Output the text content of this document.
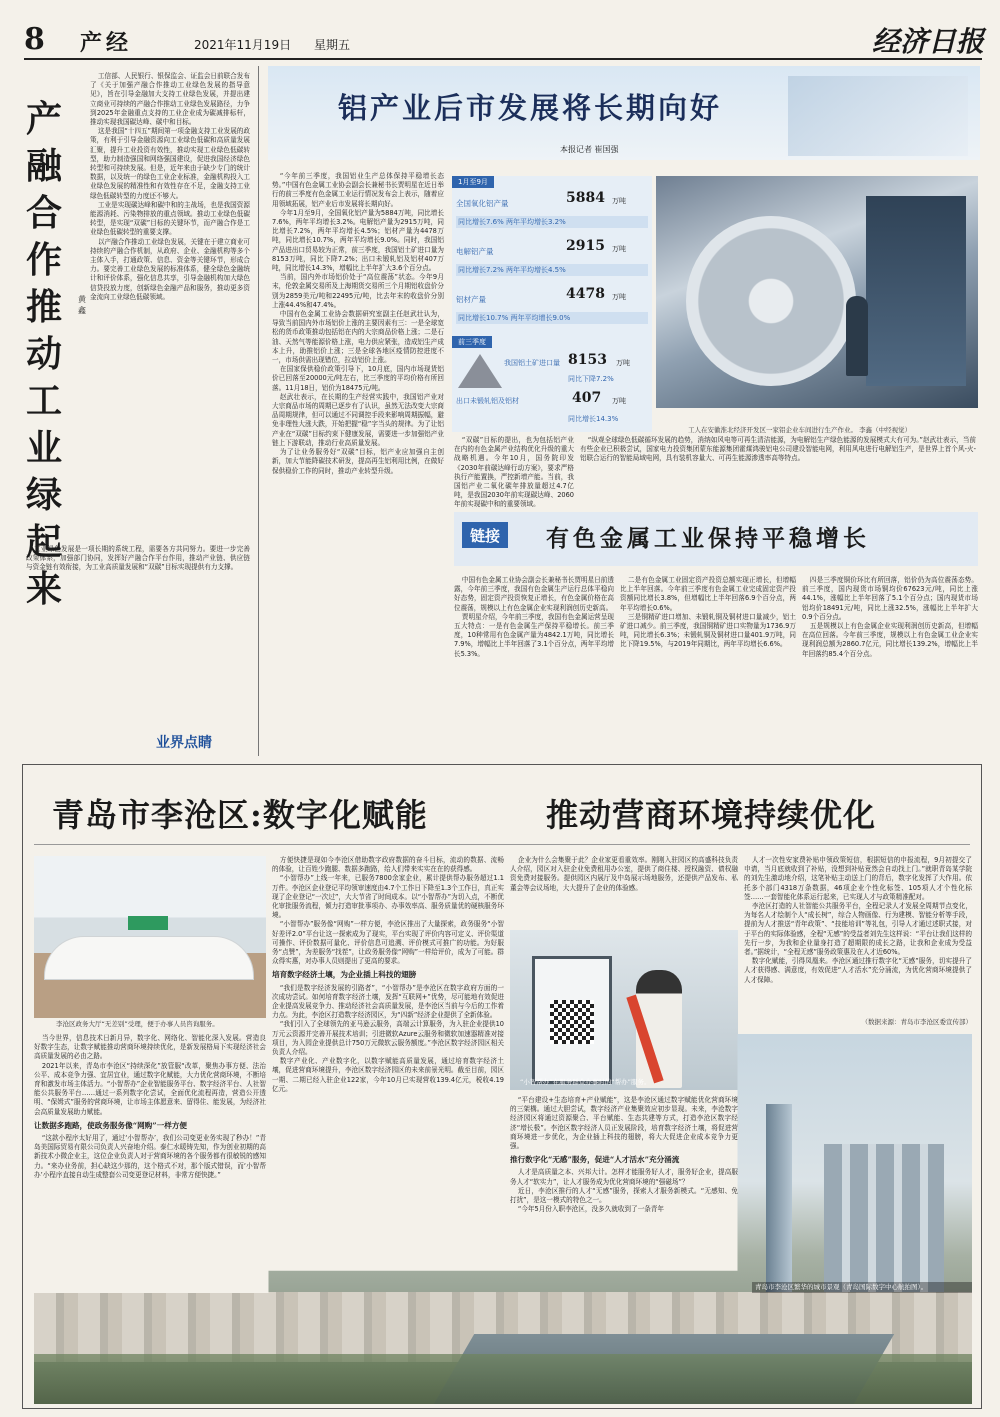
8 产经	2021年11月19日 星期五	经济日报
产融合作推动工业绿起来
黄鑫

工信部、人民银行、银保监会、证监会日前联合发布了《关于加强产融合作推动工业绿色发展的指导意见》，旨在引导金融加大支持工业绿色发展，并提出建立商业可持续的产融合作推动工业绿色发展路径，力争到2025年金融重点支持的工业企业成为碳减排标杆，推动实现我国碳达峰、碳中和目标。

这是我国“十四五”期间第一项金融支持工业发展的政策，有利于引导金融资源向工业绿色低碳和高质量发展汇聚，提升工业投资有效性，推动实现工业绿色低碳转型，助力制造强国和网络强国建设，促进我国经济绿色转型和可持续发展。但是，近年来由于缺少专门的统计数据，以及统一的绿色工业企业标准，金融机构投入工业绿色发展的精准性和有效性存在不足，金融支持工业绿色低碳转型的力度还不够大。

工业是实现碳达峰和碳中和的主战场，也是我国资源能源消耗、污染物排放的重点领域。推动工业绿色低碳转型，是实现“双碳”目标的关键环节，而产融合作是工业绿色低碳转型的重要支撑。

以产融合作推动工业绿色发展，关键在于建立商业可持续的产融合作机制，从政府、企业、金融机构等多个主体入手，打通政策、信息、资金等关键环节，形成合力。要完善工业绿色发展的标准体系，健全绿色金融统计和评价体系，强化信息共享，引导金融机构加大绿色信贷投放力度，创新绿色金融产品和服务，推动更多资金流向工业绿色低碳领域。

工业绿色发展是一项长期的系统工程，需要各方共同努力。要进一步完善政策体系，加强部门协同，发挥好产融合作平台作用，推动产业链、供应链与资金链有效衔接，为工业高质量发展和“双碳”目标实现提供有力支撑。

业界点睛
铝产业后市发展将长期向好
本报记者 崔国强

“今年前三季度，我国铝业生产总体保持平稳增长态势。”中国有色金属工业协会副会长兼秘书长贾明星在近日举行的前三季度有色金属工业运行情况发布会上表示，随着应用领域拓展，铝产业后市发展将长期向好。

今年1月至9月，全国氧化铝产量为5884万吨，同比增长7.6%，两年平均增长3.2%。电解铝产量为2915万吨，同比增长7.2%，两年平均增长4.5%；铝材产量为4478万吨，同比增长10.7%，两年平均增长9.0%。同时，我国铝产品进出口贸易较为正常，前三季度，我国铝土矿进口量为8153万吨，同比下降7.2%；出口未锻轧铝及铝材407万吨，同比增长14.3%，增幅比上半年扩大3.6个百分点。

当前，国内外市场铝价处于“高位震荡”状态。今年9月末，伦敦金属交易所及上海期货交易所三个月期铝收盘价分别为2859美元/吨和22495元/吨，比去年末的收盘价分别上涨44.4%和47.4%。

中国有色金属工业协会数据研究室副主任赵武壮认为，导致当前国内外市场铝价上涨的主要因素有三：一是全球宽松的货币政策推动包括铝在内的大宗商品价格上涨；二是石油、天然气等能源价格上涨，电力供应紧张，造成铝生产成本上升，助推铝价上涨；三是全球各地区疫情防控进度不一，市场供需出现错位，拉动铝价上涨。

在国家保供稳价政策引导下，10月底，国内市场现货铝价已回落至20000元/吨左右，比三季度的平均价格有所回落。11月18日，铝价为18475元/吨。

赵武壮表示，在长期的生产经营实践中，我国铝产业对大宗商品市场的周期已逐步有了认识，虽然无法改变大宗商品周期规律，但可以通过不同调控手段来影响周期振幅，避免非理性大涨大跌，开始把握“稳”字当头的规律。为了让铝产业在“双碳”目标约束下健康发展，需要进一步加强铝产业链上下游联动，推动行业高质量发展。

为了让业务服务好“双碳”目标，铝产业应加强自主创新，加大节能降碳技术研发，提高再生铝利用比例，在做好保供稳价工作的同时，推动产业转型升级。

1月至9月
全国氧化铝产量	5884 万吨
同比增长7.6% 两年平均增长3.2%
电解铝产量	2915 万吨
同比增长7.2% 两年平均增长4.5%
铝材产量	4478 万吨
同比增长10.7% 两年平均增长9.0%
前三季度
我国铝土矿进口量 8153 万吨
同比下降7.2%
出口未锻轧铝及铝材	407 万吨
同比增长14.3%
工人在安徽淮北经济开发区一家铝企业车间进行生产作业。 李鑫（中经视觉）

“双碳”目标的提出，也为包括铝产业在内的有色金属产业结构优化升级的重大战略机遇。今年10月，国务院印发《2030年前碳达峰行动方案》，要求严格执行产能置换，严控新增产能。当前，我国铝产业二氧化碳年排放量超过4.7亿吨，是我国2030年前实现碳达峰、2060年前实现碳中和的重要领域。

“纵观全球绿色低碳循环发展的趋势，消纳如风电等可再生清洁能源，为电解铝生产绿色能源的发展模式大有可为。”赵武壮表示，当前有些企业已积极尝试，国家电力投资集团蒙东能源集团霍煤鸿骏铝电公司建设智能电网，利用风电进行电解铝生产，是世界上首个风-火-铝联合运行的智能局域电网，具有装机容量大、可再生能源渗透率高等特点。

链接	有色金属工业保持平稳增长

中国有色金属工业协会副会长兼秘书长贾明星日前透露，今年前三季度，我国有色金属生产运行总体平稳向好态势，固定资产投资恢复正增长，有色金属价格在高位震荡，规模以上有色金属企业实现利润创历史新高。

贾明星介绍，今年前三季度，我国有色金属运营呈现五大特点：一是有色金属生产保持平稳增长。前三季度，10种常用有色金属产量为4842.1万吨，同比增长7.9%，增幅比上半年回落了3.1个百分点，两年平均增长5.3%。

二是有色金属工业固定资产投资总额实现正增长，但增幅比上半年回落。今年前三季度有色金属工业完成固定资产投资额同比增长3.8%，但增幅比上半年回落6.9个百分点，两年平均增长0.6%。

三是铜精矿进口增加、未锻轧铜及铜材进口量减少，铝土矿进口减少。前三季度，我国铜精矿进口实物量为1736.9万吨，同比增长6.3%；未锻轧铜及铜材进口量401.9万吨，同比下降19.5%，与2019年同期比，两年平均增长6.6%。

四是三季度铜价环比有所回落，铝价仍为高位震荡态势。前三季度，国内现货市场铜均价67623元/吨，同比上涨44.1%，涨幅比上半年回落了5.1个百分点；国内现货市场铝均价18491元/吨，同比上涨32.5%，涨幅比上半年扩大0.9个百分点。

五是规模以上有色金属企业实现利润创历史新高，但增幅在高位回落。今年前三季度，规模以上有色金属工业企业实现利润总额为2860.7亿元，同比增长139.2%，增幅比上半年回落约85.4个百分点。

青岛市李沧区:数字化赋能	推动营商环境持续优化
李沧区政务大厅“无差别”受理，便于办事人员咨询服务。

当今世界，信息技术日新月异，数字化、网络化、智能化深入发展。营造良好数字生态，让数字赋能推动营商环境持续优化，是新发展格局下实现经济社会高质量发展的必由之路。

2021年以来，青岛市李沧区“持续深化”放管服“改革，聚焦办事方便、法治公平、成本竞争力强、宜居宜业，通过数字化赋能，大力优化营商环境，不断培育和激发市场主体活力。“小智帮办”企业智能服务平台、数字经济平台、人社智能公共服务平台……通过一系列数字化尝试，全面优化流程再造，营造公开透明、“保姆式”服务的营商环境，让市场主体愿意来、留得住、能发展，为经济社会高质量发展助力赋能。

让数据多跑路，使政务服务像“网购”一样方便

“这款小程序太好用了，通过‘小智帮办’，我们公司变更业务实现了秒办！”青岛美国际贸易有限公司负责人兴奋地介绍。泰仁水暖铸先知，作为创业初期的高新技术小微企业主，这位企业负责人对于营商环境的各个服务都有很敏锐的感知力。“来办业务前，担心缺这少那的，这个格式不对，那个版式错误，而‘小智帮办’小程序直接自动生成整套公司变更登记材料，非常方便快捷。”

方便快捷是现如今李沧区借助数字政府数据的奋斗目标，流动的数据、流畅的体验，让百姓少跑腿、数据多跑路，给人们带来实实在在的获得感。

“小智帮办”上线一年来，已服务7800余家企业，累计提供帮办服务超过1.1万件。李沧区企业登记平均领审速度由4.7个工作日下降至1.3个工作日，真正实现了企业登记“一次过”，大大节省了时间成本。以“小智帮办”为切入点，不断优化审批服务流程，倾力打造审批事项办、办事效率高、服务质量优的硬核服务环境。

“小智帮办”服务像“网购”一样方便，李沧区推出了大量探索，政务服务“小智好差评2.0”平台让这一探索成为了现实，平台实现了评价内容可定义、评价渠道可操作、评价数据可量化、评价信息可追溯、评价模式可推广的功能。为好服务“点赞”，为差服务“找茬”，让政务服务像“网购”一样给评价，成为了可能。群众得实惠，对办事人员则提出了更高的要求。

培育数字经济土壤，为企业插上科技的翅膀

“我们是数字经济发展的引路者”，“小智帮办”是李沧区在数字政府方面的一次成功尝试。如何培育数字经济土壤，发挥“互联网+”优势，尽可能地有效促进企业提高发展竞争力、推动经济社会高质量发展，是李沧区当前与今后的工作着力点。为此，李沧区打造数字经济园区，为“四新”经济企业提供了全新体验。

“我们引入了全球领先的亚马逊云服务，高端云计算服务，为入驻企业提供10万元云资源并完善开展技术培训；引进微软Azure云服务和微软加速器精准对接项目，为入园企业提供总计750万元微软云服务额度。”李沧区数字经济园区相关负责人介绍。

数字产业化、产业数字化，以数字赋能高质量发展，通过培育数字经济土壤，促进营商环境提升，李沧区数字经济园区的未来前景光明。截至目前，园区一期、二期已经入驻企业122家，今年10月已实现营收139.4亿元，税收4.19亿元。

企业为什么会集聚于此？企业家更看重效率。刚刚入驻园区的高盛科技负责人介绍，园区对入驻企业免费租用办公室，提供了商住楼、授权融资、债权融资免费对接服务。提供园区内展厅及中岛展示场地服务，还提供产品发布、私董会等会议场地，大大提升了企业的体验感。

“小智帮办”在服务群众办事时的“帮办”服务。

“平台建设+生态培育+产业赋能”，这是李沧区通过数字赋能优化营商环境的三架構。通过大胆尝试，数字经济产业集聚效应初步显现。未来，李沧数字经济园区将通过资源聚合、平台赋能、生态共建等方式，打造李沧区数字经济“增长极”。李沧区数字经济人员正发展阶段，培育数字经济土壤，将促进营商环境进一步优化，为企业插上科技的翅膀，将大大促进企业成本竞争力更强。

推行数字化“无感”服务，促进“人才活水”充分涌流

人才是高质量之本、兴邦大计。怎样才能服务好人才，服务好企业，提高服务人才“软实力”，让人才服务成为优化营商环境的“强磁场”？

近日，李沧区推行的人才“无感”服务，探索人才服务新模式。“无感知、免打扰”，是这一模式的特色之一。

“今年5月份入职李沧区，没多久就收到了一条青年

人才一次性安家费补贴申领政策短信，根据短信的申报流程，9月初提交了申请，当月底就收到了补贴，没想到补贴竟然会自动找上门。”就职青岛某学院的刘先生激动地介绍，这笔补贴主动送上门的背后，数字化发挥了大作用。依托多个部门4318万条数据，46项企业个性化标签、105项人才个性化标签……一套智能化体系运行起来，已实现人才与政策精准配对。

李沧区打造的人社智能公共服务平台，全程记录人才发展全周期节点变化，为每名人才绘制个人“成长树”，综合人物画像、行为建模、智能分析等手段，提前为人才推送“青年政策”、“技能培训”等礼包，引导人才通过述职式接，对于平台的实际体验感，全程“无感”的受益者刘先生这样说：“平台让我们这样的先行一步，为我和企业量身打造了超期限的成长之路，让我和企业成为受益者。”据统计，“全程无感”服务政策惠及在人才近60%。

数字化赋能，引得凤凰来。李沧区通过推行数字化“无感”服务，切实提升了人才获得感、满意度，有效促进“人才活水”充分涌流，为优化营商环境提供了人才保障。

（数据来源：青岛市李沧区委宣传部）
青岛市李沧区繁华的城市景观（青岛国际数字中心航拍图）。
